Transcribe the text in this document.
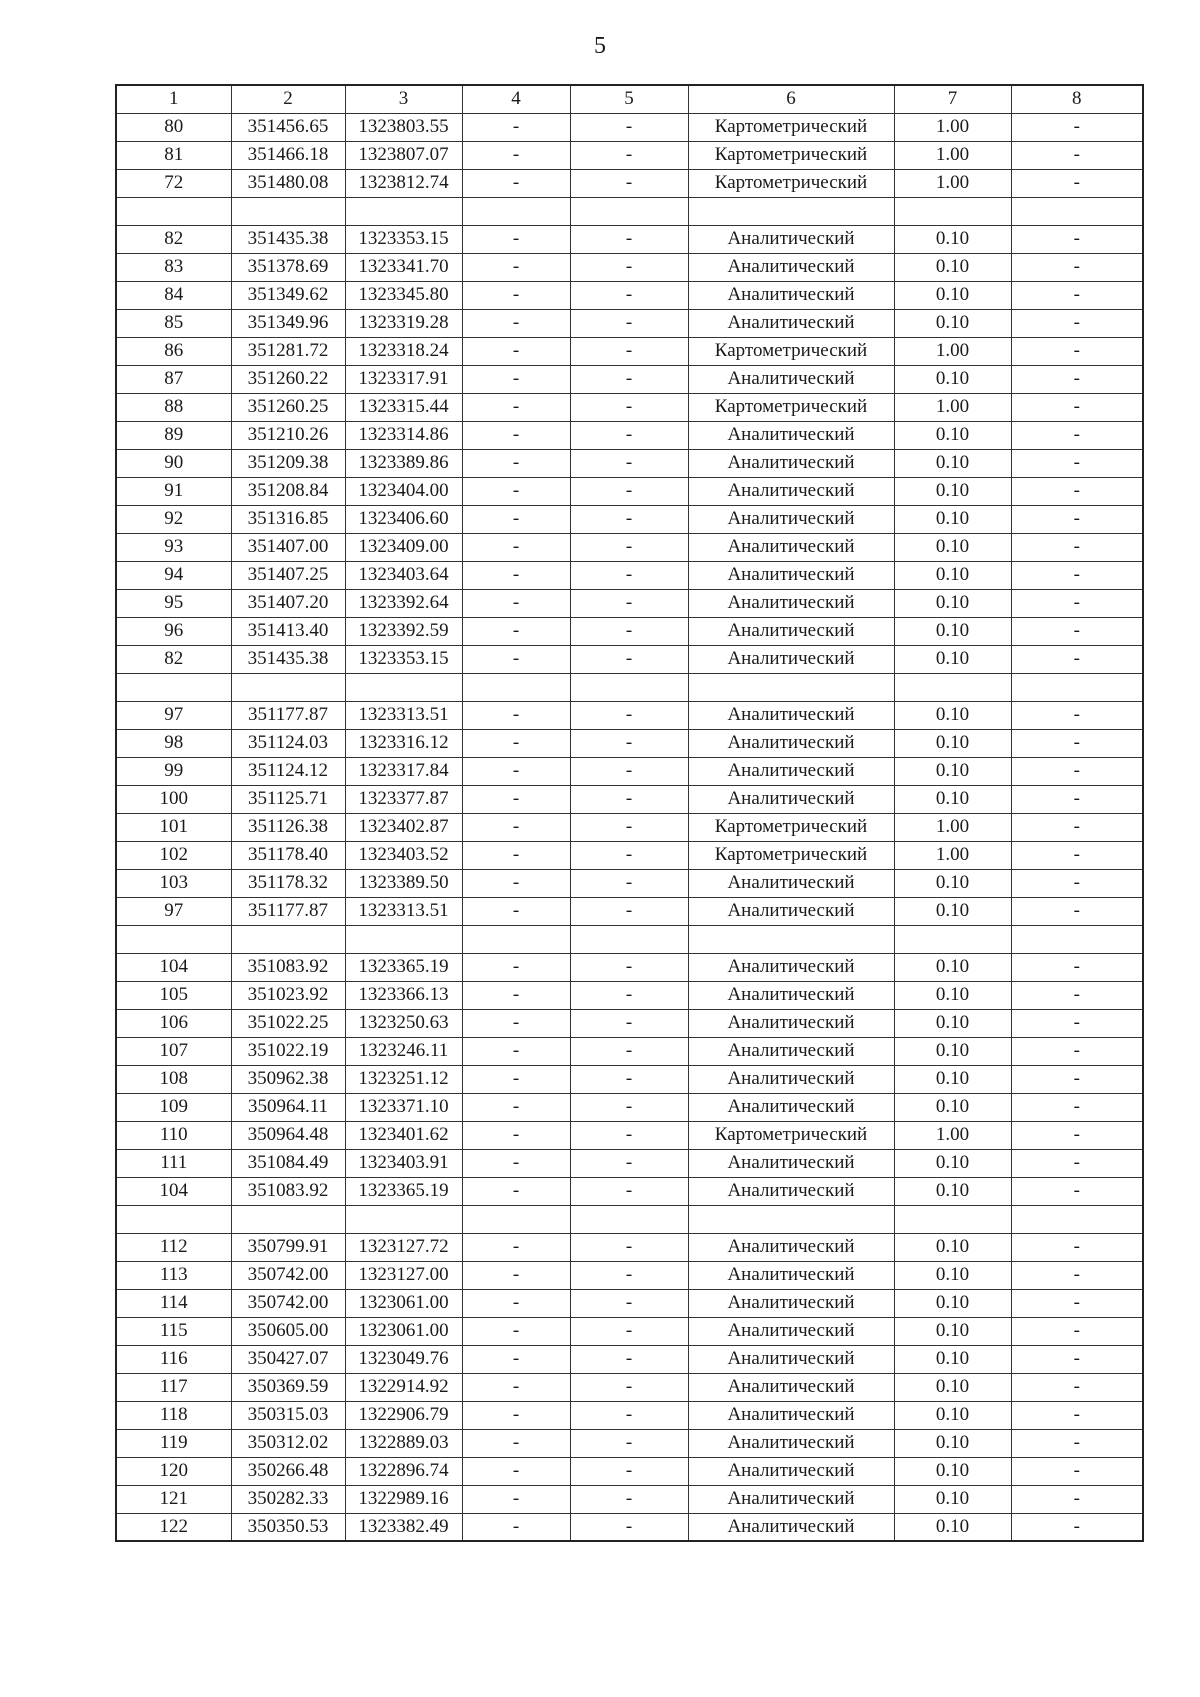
5
1	2	3	4	5	6	7	8
80	351456.65	1323803.55	-	-	Картометрический	1.00	-
81	351466.18	1323807.07	-	-	Картометрический	1.00	-
72	351480.08	1323812.74	-	-	Картометрический	1.00	-

82	351435.38	1323353.15	-	-	Аналитический	0.10	-
83	351378.69	1323341.70	-	-	Аналитический	0.10	-
84	351349.62	1323345.80	-	-	Аналитический	0.10	-
85	351349.96	1323319.28	-	-	Аналитический	0.10	-
86	351281.72	1323318.24	-	-	Картометрический	1.00	-
87	351260.22	1323317.91	-	-	Аналитический	0.10	-
88	351260.25	1323315.44	-	-	Картометрический	1.00	-
89	351210.26	1323314.86	-	-	Аналитический	0.10	-
90	351209.38	1323389.86	-	-	Аналитический	0.10	-
91	351208.84	1323404.00	-	-	Аналитический	0.10	-
92	351316.85	1323406.60	-	-	Аналитический	0.10	-
93	351407.00	1323409.00	-	-	Аналитический	0.10	-
94	351407.25	1323403.64	-	-	Аналитический	0.10	-
95	351407.20	1323392.64	-	-	Аналитический	0.10	-
96	351413.40	1323392.59	-	-	Аналитический	0.10	-
82	351435.38	1323353.15	-	-	Аналитический	0.10	-

97	351177.87	1323313.51	-	-	Аналитический	0.10	-
98	351124.03	1323316.12	-	-	Аналитический	0.10	-
99	351124.12	1323317.84	-	-	Аналитический	0.10	-
100	351125.71	1323377.87	-	-	Аналитический	0.10	-
101	351126.38	1323402.87	-	-	Картометрический	1.00	-
102	351178.40	1323403.52	-	-	Картометрический	1.00	-
103	351178.32	1323389.50	-	-	Аналитический	0.10	-
97	351177.87	1323313.51	-	-	Аналитический	0.10	-

104	351083.92	1323365.19	-	-	Аналитический	0.10	-
105	351023.92	1323366.13	-	-	Аналитический	0.10	-
106	351022.25	1323250.63	-	-	Аналитический	0.10	-
107	351022.19	1323246.11	-	-	Аналитический	0.10	-
108	350962.38	1323251.12	-	-	Аналитический	0.10	-
109	350964.11	1323371.10	-	-	Аналитический	0.10	-
110	350964.48	1323401.62	-	-	Картометрический	1.00	-
111	351084.49	1323403.91	-	-	Аналитический	0.10	-
104	351083.92	1323365.19	-	-	Аналитический	0.10	-

112	350799.91	1323127.72	-	-	Аналитический	0.10	-
113	350742.00	1323127.00	-	-	Аналитический	0.10	-
114	350742.00	1323061.00	-	-	Аналитический	0.10	-
115	350605.00	1323061.00	-	-	Аналитический	0.10	-
116	350427.07	1323049.76	-	-	Аналитический	0.10	-
117	350369.59	1322914.92	-	-	Аналитический	0.10	-
118	350315.03	1322906.79	-	-	Аналитический	0.10	-
119	350312.02	1322889.03	-	-	Аналитический	0.10	-
120	350266.48	1322896.74	-	-	Аналитический	0.10	-
121	350282.33	1322989.16	-	-	Аналитический	0.10	-
122	350350.53	1323382.49	-	-	Аналитический	0.10	-
